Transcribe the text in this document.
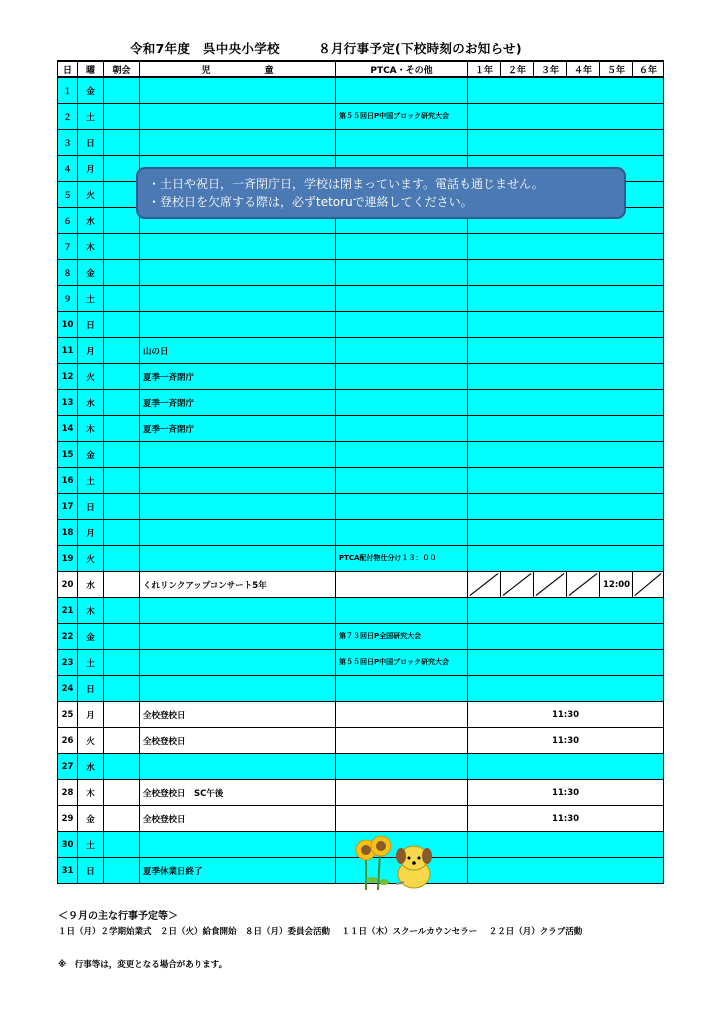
令和7年度　呉中央小学校　　　８月行事予定(下校時刻のお知らせ)
日	曜	朝会	児　　　　　　童	PTCA・その他	１年	２年	３年	４年	５年	６年
１	金									
２	土			第５５回日P中国ブロック研究大会						
３	日									
４	月									
５	火									
６	水									
７	木									
８	金									
９	土									
10	日									
11	月		山の日							
12	火		夏季一斉閉庁							
13	水		夏季一斉閉庁							
14	木		夏季一斉閉庁							
15	金									
16	土									
17	日									
18	月									
19	火			PTCA配付物仕分け１３：００						
20	水		くれリンクアップコンサート5年						12:00	

21	木									
22	金			第７３回日P全国研究大会						
23	土			第５５回日P中国ブロック研究大会						
24	日									
25	月		全校登校日		11:30					
26	火		全校登校日		11:30					
27	水									
28	木		全校登校日　SC午後		11:30					
29	金		全校登校日		11:30					
30	土									
31	日		夏季休業日終了							
・土日や祝日，一斉閉庁日，学校は閉まっています。電話も通じません。
・登校日を欠席する際は，必ずtetoruで連絡してください。
＜９月の主な行事予定等＞
１日（月）２学期始業式　２日（火）給食開始　８日（月）委員会活動　 １１日（木）スクールカウンセラー　 ２２日（月）クラブ活動
※　行事等は，変更となる場合があります。
